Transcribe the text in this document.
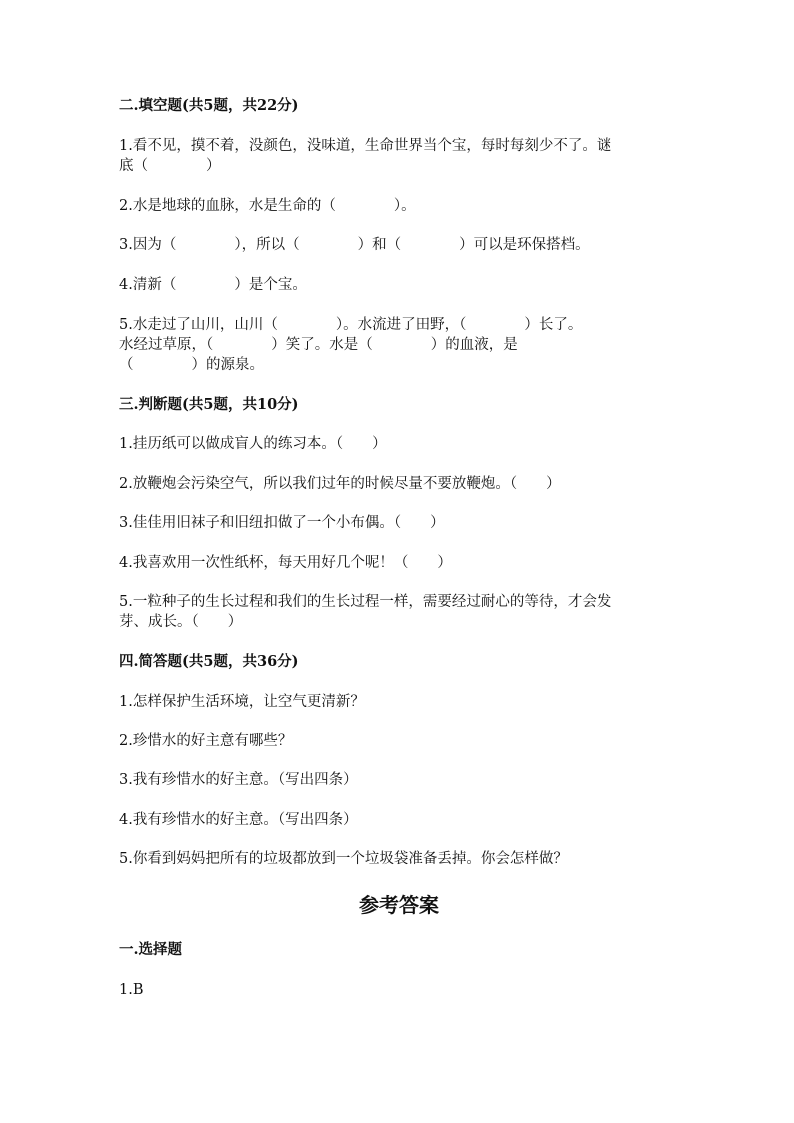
二.填空题(共5题，共22分)
1.看不见，摸不着，没颜色，没味道，生命世界当个宝，每时每刻少不了。谜
底（　　　　）
2.水是地球的血脉，水是生命的（　　　　）。
3.因为（　　　　），所以（　　　　）和（　　　　）可以是环保搭档。
4.清新（　　　　）是个宝。
5.水走过了山川，山川（　　　　）。水流进了田野，（　　　　）长了。
水经过草原，（　　　　）笑了。水是（　　　　）的血液，是
（　　　　）的源泉。
三.判断题(共5题，共10分)
1.挂历纸可以做成盲人的练习本。（　　）
2.放鞭炮会污染空气，所以我们过年的时候尽量不要放鞭炮。（　　）
3.佳佳用旧袜子和旧纽扣做了一个小布偶。（　　）
4.我喜欢用一次性纸杯，每天用好几个呢！（　　）
5.一粒种子的生长过程和我们的生长过程一样，需要经过耐心的等待，才会发
芽、成长。（　　）
四.简答题(共5题，共36分)
1.怎样保护生活环境，让空气更清新？
2.珍惜水的好主意有哪些？
3.我有珍惜水的好主意。（写出四条）
4.我有珍惜水的好主意。（写出四条）
5.你看到妈妈把所有的垃圾都放到一个垃圾袋准备丢掉。你会怎样做？
参考答案
一.选择题
1.B
